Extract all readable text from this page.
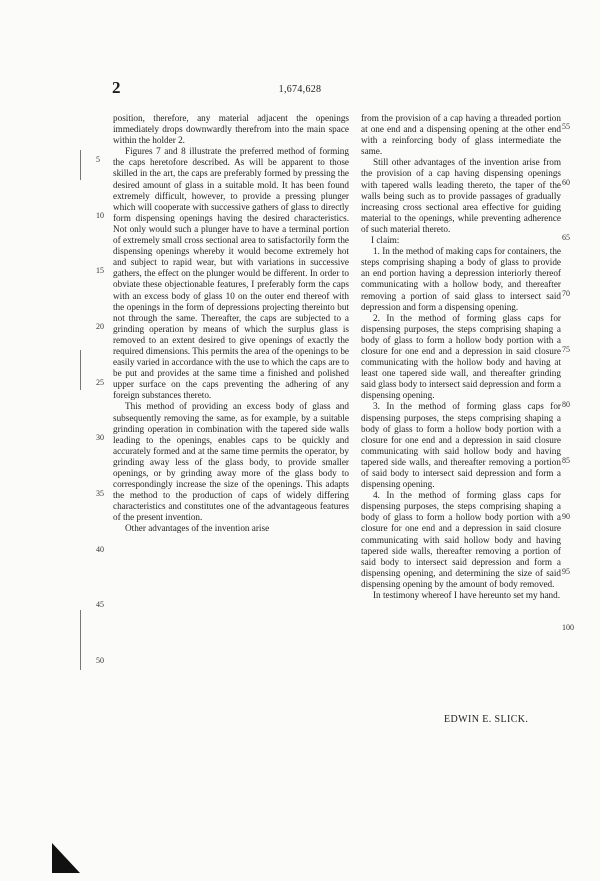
2	1,674,628

position, therefore, any material adjacent the openings immediately drops downwardly therefrom into the main space within the holder 2.

Figures 7 and 8 illustrate the preferred method of forming the caps heretofore described. As will be apparent to those skilled in the art, the caps are preferably formed by pressing the desired amount of glass in a suitable mold. It has been found extremely difficult, however, to provide a pressing plunger which will cooperate with successive gathers of glass to directly form dispensing openings having the desired characteristics. Not only would such a plunger have to have a terminal portion of extremely small cross sectional area to satisfactorily form the dispensing openings whereby it would become extremely hot and subject to rapid wear, but with variations in successive gathers, the effect on the plunger would be different. In order to obviate these objectionable features, I preferably form the caps with an excess body of glass 10 on the outer end thereof with the openings in the form of depressions projecting thereinto but not through the same. Thereafter, the caps are subjected to a grinding operation by means of which the surplus glass is removed to an extent desired to give openings of exactly the required dimensions. This permits the area of the openings to be easily varied in accordance with the use to which the caps are to be put and provides at the same time a finished and polished upper surface on the caps preventing the adhering of any foreign substances thereto.

This method of providing an excess body of glass and subsequently removing the same, as for example, by a suitable grinding operation in combination with the tapered side walls leading to the openings, enables caps to be quickly and accurately formed and at the same time permits the operator, by grinding away less of the glass body, to provide smaller openings, or by grinding away more of the glass body to correspondingly increase the size of the openings. This adapts the method to the production of caps of widely differing characteristics and constitutes one of the advantageous features of the present invention.

Other advantages of the invention arise

from the provision of a cap having a threaded portion at one end and a dispensing opening at the other end with a reinforcing body of glass intermediate the same.

Still other advantages of the invention arise from the provision of a cap having dispensing openings with tapered walls leading thereto, the taper of the walls being such as to provide passages of gradually increasing cross sectional area effective for guiding material to the openings, while preventing adherence of such material thereto.

I claim:

1. In the method of making caps for containers, the steps comprising shaping a body of glass to provide an end portion having a depression interiorly thereof communicating with a hollow body, and thereafter removing a portion of said glass to intersect said depression and form a dispensing opening.

2. In the method of forming glass caps for dispensing purposes, the steps comprising shaping a body of glass to form a hollow body portion with a closure for one end and a depression in said closure communicating with the hollow body and having at least one tapered side wall, and thereafter grinding said glass body to intersect said depression and form a dispensing opening.

3. In the method of forming glass caps for dispensing purposes, the steps comprising shaping a body of glass to form a hollow body portion with a closure for one end and a depression in said closure communicating with said hollow body and having tapered side walls, and thereafter removing a portion of said body to intersect said depression and form a dispensing opening.

4. In the method of forming glass caps for dispensing purposes, the steps comprising shaping a body of glass to form a hollow body portion with a closure for one end and a depression in said closure communicating with said hollow body and having tapered side walls, thereafter removing a portion of said body to intersect said depression and form a dispensing opening, and determining the size of said dispensing opening by the amount of body removed.

In testimony whereof I have hereunto set my hand.

5
10
15
20
25
30
35
40
45
50
55
60
65
70
75
80
85
90
95
100
EDWIN E. SLICK.
